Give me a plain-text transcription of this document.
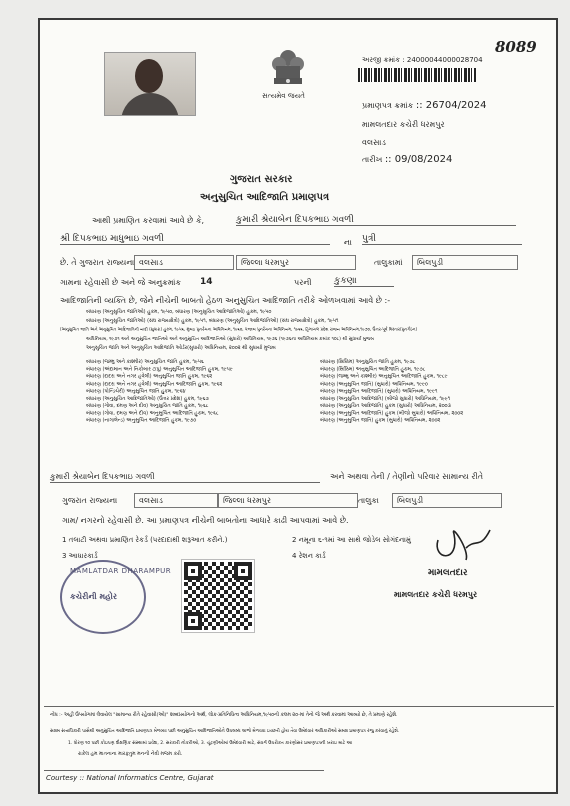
સત્યમેવ જયતે
અરજી ક્રમાંક : 24000044000028704
8089
પ્રમાણપત્ર ક્રમાંક :: 26704/2024
મામલતદાર કચેરી ધરમપુર
વલસાડ
તારીખ :: 09/08/2024
ગુજરાત સરકાર
અનુસુચિત આદિજાતિ પ્રમાણપત્ર
આથી પ્રમાણિત કરવામાં આવે છે કે,	કુમારી શ્રેયાબેન દિપકભાઇ ગવળી
શ્રી દિપકભાઇ માધુભાઇ ગવળી	ના પુત્રી
છે. તે ગુજરાત રાજ્યના વલસાડ	જિલ્લા ધરમપુર	તાલુકામાં	બિલપુડી
ગામના રહેવાસી છે અને જે અનુક્રમાંક 14	પરની કુકણા
આદિજાતિની વ્યક્તિ છે, જેને નીચેની બાબતો હેઠળ અનુસુચિત આદિજાતિ તરીકે ઓળખવામાં આવે છે :-
બંધારણ (અનુસુચિત જાતિઓ) હુકમ, ૧૯૫૦, બંધારણ (અનુસુચિત આદિજાતિઓ) હુકમ, ૧૯૫૦
બંધારણ (અનુસુચિત જાતિઓ) (સંઘ રાજ્યક્ષેત્રો) હુકમ, ૧૯૫૧, બંધારણ (અનુસુચિત આદિજાતિઓ) (સંઘ રાજ્યક્ષેત્રો) હુકમ, ૧૯૫૧
(અનુસુચિત જાતિ અને અનુસુચિત આદિજાતિની યાદી (સુધારા) હુકમ, ૧૯૫૬, મુંબઇ પુનર્રચના અધિનિયમ, ૧૯૬૦, પંજાબ પુનર્રચના અધિનિયમ, ૧૯૬૬, હિમાચલ પ્રદેશ રાજ્ય અધિનિયમ,૧૯૭૦, ઉત્તર-પૂર્વ વિસ્તાર(પુનર્ગઠન)
અધિનિયમ, ૧૯૭૧ અને અનુસુચિત જાતિઓ અને અનુસુચિત આદિજાતિઓ (સુધારો) અધિનિયમ, ૧૯૭૬ (૧૯૭૬ના અધિનિયમ ક્રમાંક ૧૦૮) થી સુધાર્યા મુજબ
અનુસુચિત જાતિ અને અનુસુચિત આદિજાતિ ઓર્ડર(સુધારો) અધિનિયમ, ૨૦૦૨ થી સુધાર્યા મુજબ
બંધારણ (જમ્મુ અને કાશ્મીર) અનુસુચિત જાતિ હુકમ, ૧૯૫૬
બંધારણ (અંદામાન અને નિકોબાર ટાપુ) અનુસુચિત આદિજાતિ હુકમ, ૧૯૫૯
બંધારણ (દાદરા અને નગર હવેલી) અનુસુચિત જાતિ હુકમ, ૧૯૬૨
બંધારણ (દાદરા અને નગર હવેલી) અનુસુચિત આદિજાતિ હુકમ, ૧૯૬૨
બંધારણ (પોન્ડિચેરી) અનુસુચિત જાતિ હુકમ, ૧૯૬૪
બંધારણ (અનુસુચિત આદિજાતિઓ) (ઉત્તર પ્રદેશ) હુકમ, ૧૯૬૭
બંધારણ (ગોવા, દમણ અને દીવ) અનુસુચિત જાતિ હુકમ, ૧૯૬૮
બંધારણ (ગોવા, દમણ અને દીવ) અનુસુચિત આદિજાતિ હુકમ, ૧૯૬૮
બંધારણ (નાગાલેન્ડ) અનુસુચિત આદિજાતિ હુકમ, ૧૯૭૦
બંધારણ (સિક્કિમ) અનુસુચિત જાતિ હુકમ, ૧૯૭૮
બંધારણ (સિક્કિમ) અનુસુચિત આદિજાતિ હુકમ, ૧૯૭૮
બંધારણ (જમ્મુ અને કાશ્મીર) અનુસુચિત આદિજાતિ હુકમ, ૧૯૮૯
બંધારણ (અનુસુચિત જાતિ) (સુધારો) અધિનિયમ, ૧૯૯૦
બંધારણ (અનુસુચિત આદિજાતિ) (સુધારો) અધિનિયમ, ૧૯૯૧
બંધારણ (અનુસુચિત આદિજાતિ) (બીજો સુધારો) અધિનિયમ, ૧૯૯૧
બંધારણ (અનુસુચિત આદિજાતિ) હુકમ (સુધારો) અધિનિયમ, ૨૦૦૩
બંધારણ (અનુસુચિત આદિજાતિ) હુકમ (બીજો સુધારો) અધિનિયમ, ૨૦૦૨
બંધારણ (અનુસુચિત જાતિ) હુકમ (સુધારો) અધિનિયમ, ૨૦૦૨
કુમારી શ્રેયાબેન દિપકભાઇ ગવળી	અને અથવા તેની / તેણીનો પરિવાર સામાન્ય રીતે
ગુજરાત રાજ્યના	વલસાડ	જિલ્લા ધરમપુર	તાલુકા	બિલપુડી
ગામ/ નગરનો રહેવાસી છે. આ પ્રમાણપત્ર નીચેની બાબતોના આધારે કાઢી આપવામાં આવે છે.
1 તલાટી અથવા પ્રમાણિત રેકર્ડ (પરદાદાથી શરૂઆત કરીને.)	2 નમૂના ૬-૧માં આ સાથે જોડેલ સોગંદનામું
3 આધારકાર્ડ	4 રેશન કાર્ડ
MAMLATDAR DHARAMPUR
કચેરીની મહોર
મામલતદાર
મામલતદાર કચેરી ધરમપુર
નોંધ :- અહીં ઉપયોગમાં લેવાયેલ "સામાન્ય રીતે રહેવાસી(ઓ)" શબ્દપ્રયોગનો અર્થ, લોક-પ્રતિનિધિત્વ અધિનિયમ,૧૯૫૦ની કલમ ૨૦-માં તેનો જે અર્થ કરવામાં આવ્યો છે, તે પ્રમાણે રહેશે.
સક્ષમ સત્તાધિકારી પાસેથી અનુસુચિત આદિજાતિ પ્રમાણપત્ર મેળવ્યા પછી અનુસુચિત આદિજાતિઓને ઉપલબ્ધ લાભો મેળવવા ઇચ્છતી હોય તેવા ઉમેદવાર અધિકારીઓ સમક્ષ પ્રમાણપત્ર રજુ કરવાનું રહેશે.
1. ધોરણ ૧૦ પછી કોઇપણ શૈક્ષણિક સંસ્થામાં પ્રવેશ, 2. સરકારી નોકરીઓ, 3. ચૂંટણીઓમાં ઉમેદવારી માટે, સંવર્ગ ઉપરોક્ત કારણોસર પ્રમાણપત્રની ખરાઇ માટે આ
રાકેલ હમ માતનાના મારફતુમ મનની નેવી મજમ કરો.
Courtesy :: National Informatics Centre, Gujarat
